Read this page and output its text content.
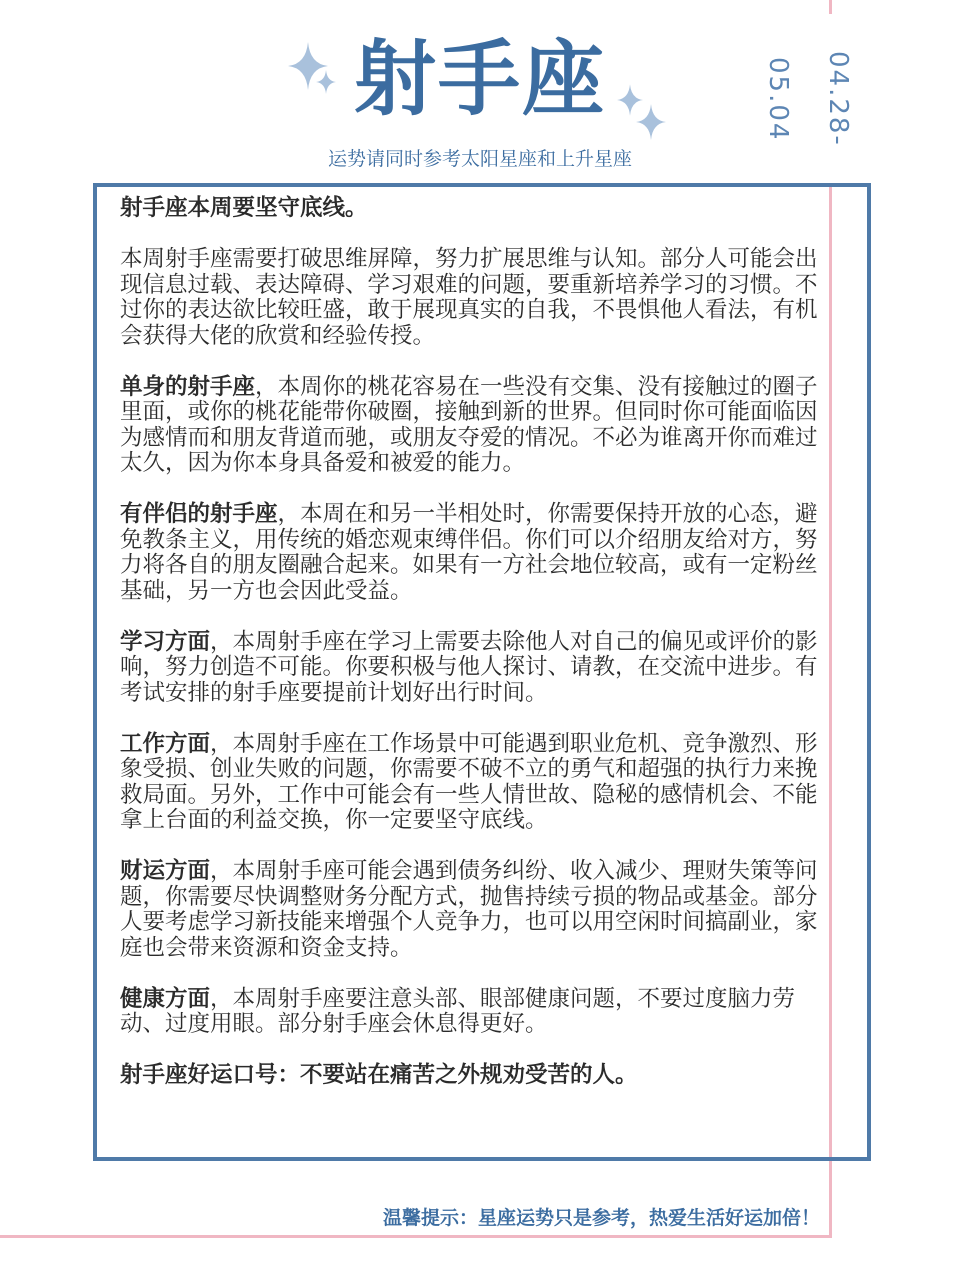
04.28-05.04
射手座
运势请同时参考太阳星座和上升星座

射手座本周要坚守底线。

本周射手座需要打破思维屏障，努力扩展思维与认知。部分人可能会出现信息过载、表达障碍、学习艰难的问题，要重新培养学习的习惯。不过你的表达欲比较旺盛，敢于展现真实的自我，不畏惧他人看法，有机会获得大佬的欣赏和经验传授。

单身的射手座，本周你的桃花容易在一些没有交集、没有接触过的圈子里面，或你的桃花能带你破圈，接触到新的世界。但同时你可能面临因为感情而和朋友背道而驰，或朋友夺爱的情况。不必为谁离开你而难过太久，因为你本身具备爱和被爱的能力。

有伴侣的射手座，本周在和另一半相处时，你需要保持开放的心态，避免教条主义，用传统的婚恋观束缚伴侣。你们可以介绍朋友给对方，努力将各自的朋友圈融合起来。如果有一方社会地位较高，或有一定粉丝基础，另一方也会因此受益。

学习方面，本周射手座在学习上需要去除他人对自己的偏见或评价的影响，努力创造不可能。你要积极与他人探讨、请教，在交流中进步。有考试安排的射手座要提前计划好出行时间。

工作方面，本周射手座在工作场景中可能遇到职业危机、竞争激烈、形象受损、创业失败的问题，你需要不破不立的勇气和超强的执行力来挽救局面。另外，工作中可能会有一些人情世故、隐秘的感情机会、不能拿上台面的利益交换，你一定要坚守底线。

财运方面，本周射手座可能会遇到债务纠纷、收入减少、理财失策等问题，你需要尽快调整财务分配方式，抛售持续亏损的物品或基金。部分人要考虑学习新技能来增强个人竞争力，也可以用空闲时间搞副业，家庭也会带来资源和资金支持。

健康方面，本周射手座要注意头部、眼部健康问题，不要过度脑力劳动、过度用眼。部分射手座会休息得更好。

射手座好运口号：不要站在痛苦之外规劝受苦的人。

温馨提示：星座运势只是参考，热爱生活好运加倍！
